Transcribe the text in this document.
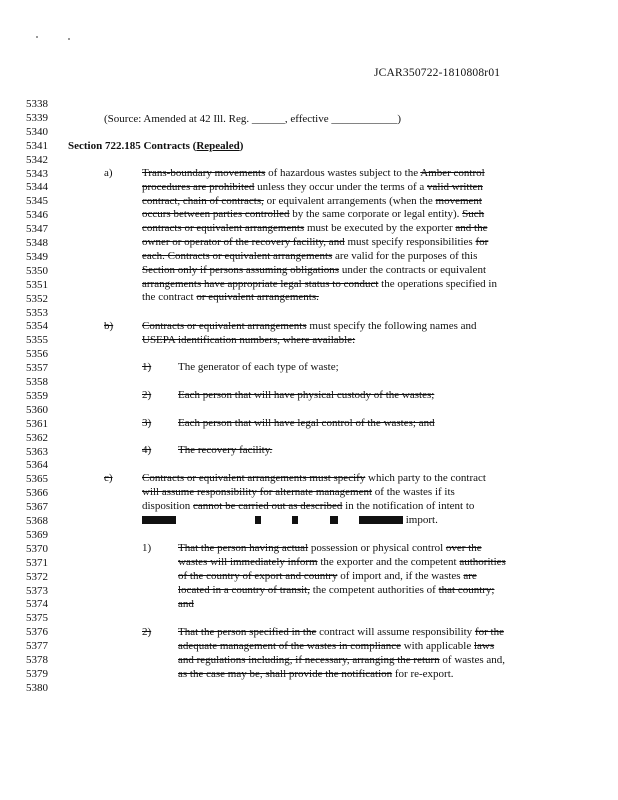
JCAR350722-1810808r01
5338
5339
5340
5341
5342
5343
5344
5345
5346
5347
5348
5349
5350
5351
5352
5353
5354
5355
5356
5357
5358
5359
5360
5361
5362
5363
5364
5365
5366
5367
5368
5369
5370
5371
5372
5373
5374
5375
5376
5377
5378
5379
5380
(Source: Amended at 42 Ill. Reg. ______, effective ____________)
Section 722.185 Contracts (Repealed)
a)	Trans-boundary movements of hazardous wastes subject to the Amber control
procedures are prohibited unless they occur under the terms of a valid written
contract, chain of contracts, or equivalent arrangements (when the movement
occurs between parties controlled by the same corporate or legal entity). Such
contracts or equivalent arrangements must be executed by the exporter and the
owner or operator of the recovery facility, and must specify responsibilities for
each. Contracts or equivalent arrangements are valid for the purposes of this
Section only if persons assuming obligations under the contracts or equivalent
arrangements have appropriate legal status to conduct the operations specified in
the contract or equivalent arrangements.
b)	Contracts or equivalent arrangements must specify the following names and
USEPA identification numbers, where available:
1) The generator of each type of waste;
2) Each person that will have physical custody of the wastes;
3) Each person that will have legal control of the wastes; and
4) The recovery facility.
c)	Contracts or equivalent arrangements must specify which party to the contract
will assume responsibility for alternate management of the wastes if its
disposition cannot be carried out as described in the notification of intent to
import.
1) That the person having actual possession or physical control over the
wastes will immediately inform the exporter and the competent authorities
of the country of export and country of import and, if the wastes are
located in a country of transit, the competent authorities of that country;
and
2) That the person specified in the contract will assume responsibility for the
adequate management of the wastes in compliance with applicable laws
and regulations including, if necessary, arranging the return of wastes and,
as the case may be, shall provide the notification for re-export.
